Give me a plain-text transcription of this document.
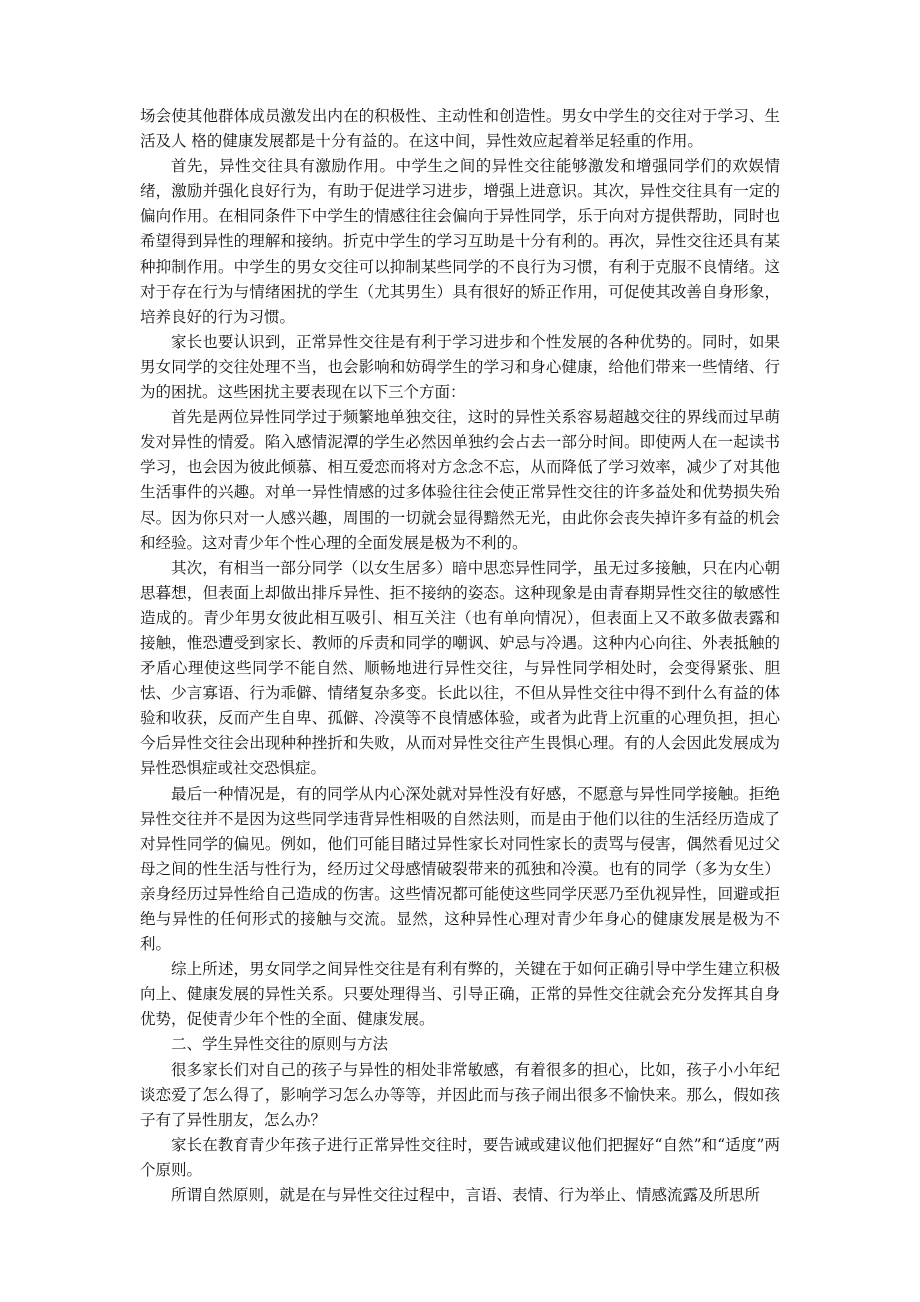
场会使其他群体成员激发出内在的积极性、主动性和创造性。男女中学生的交往对于学习、生活及人 格的健康发展都是十分有益的。在这中间，异性效应起着举足轻重的作用。

首先，异性交往具有激励作用。中学生之间的异性交往能够激发和增强同学们的欢娱情绪，激励并强化良好行为，有助于促进学习进步，增强上进意识。其次，异性交往具有一定的偏向作用。在相同条件下中学生的情感往往会偏向于异性同学，乐于向对方提供帮助，同时也希望得到异性的理解和接纳。折克中学生的学习互助是十分有利的。再次，异性交往还具有某种抑制作用。中学生的男女交往可以抑制某些同学的不良行为习惯，有利于克服不良情绪。这对于存在行为与情绪困扰的学生（尤其男生）具有很好的矫正作用，可促使其改善自身形象，培养良好的行为习惯。

家长也要认识到，正常异性交往是有利于学习进步和个性发展的各种优势的。同时，如果男女同学的交往处理不当，也会影响和妨碍学生的学习和身心健康，给他们带来一些情绪、行为的困扰。这些困扰主要表现在以下三个方面：

首先是两位异性同学过于频繁地单独交往，这时的异性关系容易超越交往的界线而过早萌发对异性的情爱。陷入感情泥潭的学生必然因单独约会占去一部分时间。即使两人在一起读书学习，也会因为彼此倾慕、相互爱恋而将对方念念不忘，从而降低了学习效率，减少了对其他生活事件的兴趣。对单一异性情感的过多体验往往会使正常异性交往的许多益处和优势损失殆尽。因为你只对一人感兴趣，周围的一切就会显得黯然无光，由此你会丧失掉许多有益的机会和经验。这对青少年个性心理的全面发展是极为不利的。

其次，有相当一部分同学（以女生居多）暗中思恋异性同学，虽无过多接触，只在内心朝思暮想，但表面上却做出排斥异性、拒不接纳的姿态。这种现象是由青春期异性交往的敏感性造成的。青少年男女彼此相互吸引、相互关注（也有单向情况），但表面上又不敢多做表露和接触，惟恐遭受到家长、教师的斥责和同学的嘲讽、妒忌与冷遇。这种内心向往、外表抵触的矛盾心理使这些同学不能自然、顺畅地进行异性交往，与异性同学相处时，会变得紧张、胆怯、少言寡语、行为乖僻、情绪复杂多变。长此以往，不但从异性交往中得不到什么有益的体验和收获，反而产生自卑、孤僻、冷漠等不良情感体验，或者为此背上沉重的心理负担，担心今后异性交往会出现种种挫折和失败，从而对异性交往产生畏惧心理。有的人会因此发展成为异性恐惧症或社交恐惧症。

最后一种情况是，有的同学从内心深处就对异性没有好感，不愿意与异性同学接触。拒绝异性交往并不是因为这些同学违背异性相吸的自然法则，而是由于他们以往的生活经历造成了对异性同学的偏见。例如，他们可能目睹过异性家长对同性家长的责骂与侵害，偶然看见过父母之间的性生活与性行为，经历过父母感情破裂带来的孤独和冷漠。也有的同学（多为女生）亲身经历过异性给自己造成的伤害。这些情况都可能使这些同学厌恶乃至仇视异性，回避或拒绝与异性的任何形式的接触与交流。显然，这种异性心理对青少年身心的健康发展是极为不利。

综上所述，男女同学之间异性交往是有利有弊的，关键在于如何正确引导中学生建立积极向上、健康发展的异性关系。只要处理得当、引导正确，正常的异性交往就会充分发挥其自身优势，促使青少年个性的全面、健康发展。

二、学生异性交往的原则与方法

很多家长们对自己的孩子与异性的相处非常敏感，有着很多的担心，比如，孩子小小年纪谈恋爱了怎么得了，影响学习怎么办等等，并因此而与孩子闹出很多不愉快来。那么，假如孩子有了异性朋友，怎么办？

家长在教育青少年孩子进行正常异性交往时，要告诫或建议他们把握好“自然”和“适度”两个原则。

所谓自然原则，就是在与异性交往过程中，言语、表情、行为举止、情感流露及所思所
